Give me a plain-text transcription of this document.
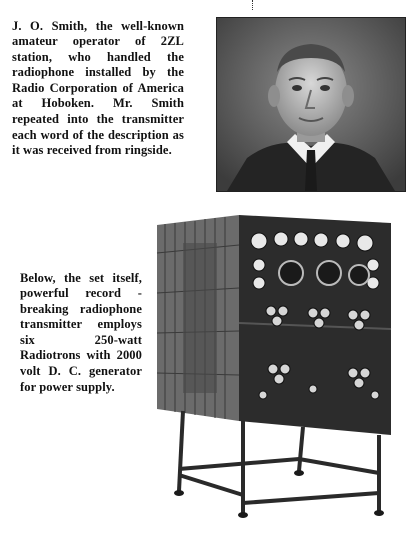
J. O. Smith, the well-known amateur operator of 2ZL station, who handled the radiophone installed by the Radio Corporation of America at Hoboken. Mr. Smith repeated into the transmitter each word of the description as it was received from ringside.

Below, the set itself, powerful record - breaking radiophone transmitter employs six 250-watt Radiotrons with 2000 volt D. C. generator for power supply.
